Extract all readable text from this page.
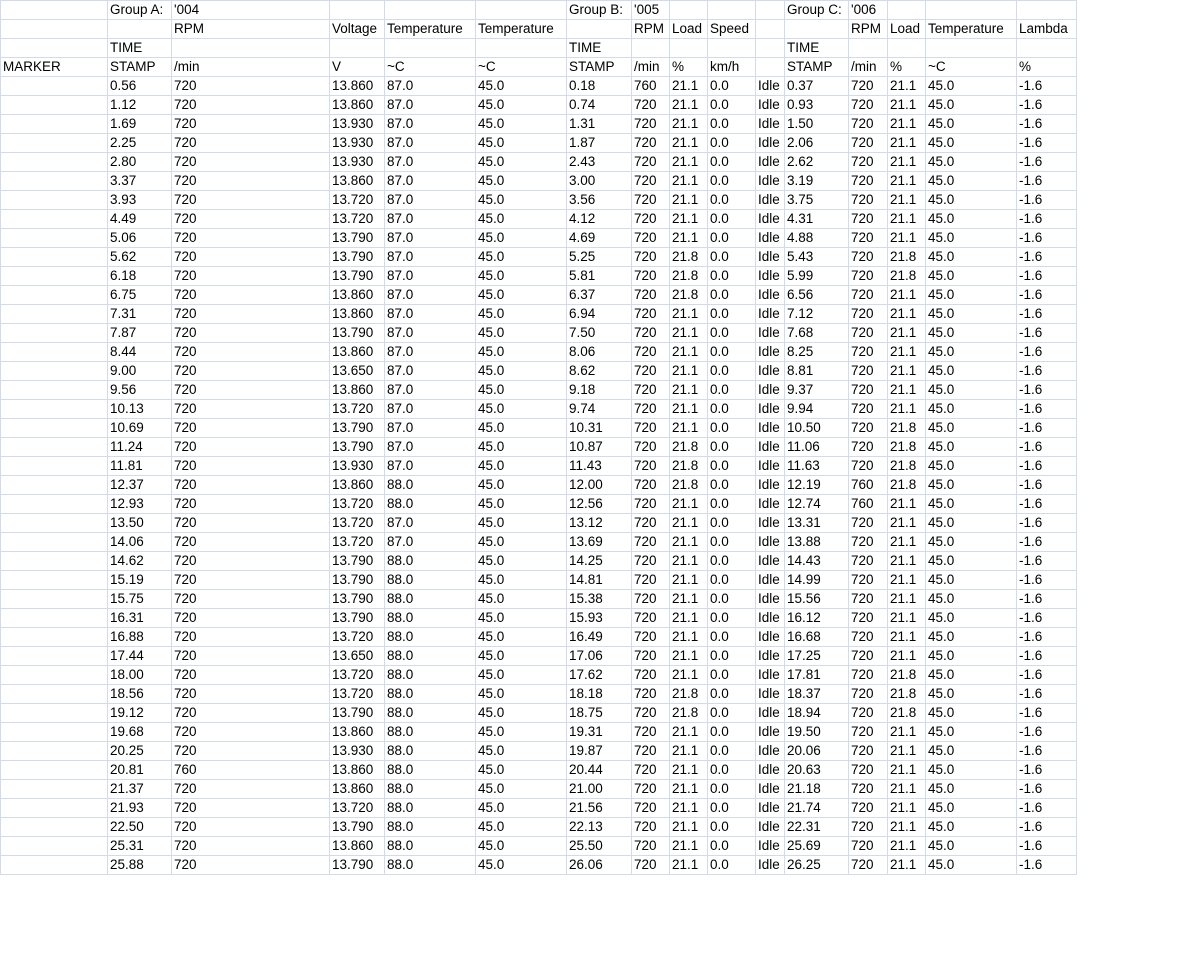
	Group A:	'004				Group B:	'005				Group C:	'006			
		RPM	Voltage	Temperature	Temperature		RPM	Load	Speed			RPM	Load	Temperature	Lambda
	TIME					TIME					TIME				
MARKER	STAMP	/min	V	~C	~C	STAMP	/min	%	km/h		STAMP	/min	%	~C	%
	0.56	720	13.860	87.0	45.0	0.18	760	21.1	0.0	Idle	0.37	720	21.1	45.0	-1.6
	1.12	720	13.860	87.0	45.0	0.74	720	21.1	0.0	Idle	0.93	720	21.1	45.0	-1.6
	1.69	720	13.930	87.0	45.0	1.31	720	21.1	0.0	Idle	1.50	720	21.1	45.0	-1.6
	2.25	720	13.930	87.0	45.0	1.87	720	21.1	0.0	Idle	2.06	720	21.1	45.0	-1.6
	2.80	720	13.930	87.0	45.0	2.43	720	21.1	0.0	Idle	2.62	720	21.1	45.0	-1.6
	3.37	720	13.860	87.0	45.0	3.00	720	21.1	0.0	Idle	3.19	720	21.1	45.0	-1.6
	3.93	720	13.720	87.0	45.0	3.56	720	21.1	0.0	Idle	3.75	720	21.1	45.0	-1.6
	4.49	720	13.720	87.0	45.0	4.12	720	21.1	0.0	Idle	4.31	720	21.1	45.0	-1.6
	5.06	720	13.790	87.0	45.0	4.69	720	21.1	0.0	Idle	4.88	720	21.1	45.0	-1.6
	5.62	720	13.790	87.0	45.0	5.25	720	21.8	0.0	Idle	5.43	720	21.8	45.0	-1.6
	6.18	720	13.790	87.0	45.0	5.81	720	21.8	0.0	Idle	5.99	720	21.8	45.0	-1.6
	6.75	720	13.860	87.0	45.0	6.37	720	21.8	0.0	Idle	6.56	720	21.1	45.0	-1.6
	7.31	720	13.860	87.0	45.0	6.94	720	21.1	0.0	Idle	7.12	720	21.1	45.0	-1.6
	7.87	720	13.790	87.0	45.0	7.50	720	21.1	0.0	Idle	7.68	720	21.1	45.0	-1.6
	8.44	720	13.860	87.0	45.0	8.06	720	21.1	0.0	Idle	8.25	720	21.1	45.0	-1.6
	9.00	720	13.650	87.0	45.0	8.62	720	21.1	0.0	Idle	8.81	720	21.1	45.0	-1.6
	9.56	720	13.860	87.0	45.0	9.18	720	21.1	0.0	Idle	9.37	720	21.1	45.0	-1.6
	10.13	720	13.720	87.0	45.0	9.74	720	21.1	0.0	Idle	9.94	720	21.1	45.0	-1.6
	10.69	720	13.790	87.0	45.0	10.31	720	21.1	0.0	Idle	10.50	720	21.8	45.0	-1.6
	11.24	720	13.790	87.0	45.0	10.87	720	21.8	0.0	Idle	11.06	720	21.8	45.0	-1.6
	11.81	720	13.930	87.0	45.0	11.43	720	21.8	0.0	Idle	11.63	720	21.8	45.0	-1.6
	12.37	720	13.860	88.0	45.0	12.00	720	21.8	0.0	Idle	12.19	760	21.8	45.0	-1.6
	12.93	720	13.720	88.0	45.0	12.56	720	21.1	0.0	Idle	12.74	760	21.1	45.0	-1.6
	13.50	720	13.720	87.0	45.0	13.12	720	21.1	0.0	Idle	13.31	720	21.1	45.0	-1.6
	14.06	720	13.720	87.0	45.0	13.69	720	21.1	0.0	Idle	13.88	720	21.1	45.0	-1.6
	14.62	720	13.790	88.0	45.0	14.25	720	21.1	0.0	Idle	14.43	720	21.1	45.0	-1.6
	15.19	720	13.790	88.0	45.0	14.81	720	21.1	0.0	Idle	14.99	720	21.1	45.0	-1.6
	15.75	720	13.790	88.0	45.0	15.38	720	21.1	0.0	Idle	15.56	720	21.1	45.0	-1.6
	16.31	720	13.790	88.0	45.0	15.93	720	21.1	0.0	Idle	16.12	720	21.1	45.0	-1.6
	16.88	720	13.720	88.0	45.0	16.49	720	21.1	0.0	Idle	16.68	720	21.1	45.0	-1.6
	17.44	720	13.650	88.0	45.0	17.06	720	21.1	0.0	Idle	17.25	720	21.1	45.0	-1.6
	18.00	720	13.720	88.0	45.0	17.62	720	21.1	0.0	Idle	17.81	720	21.8	45.0	-1.6
	18.56	720	13.720	88.0	45.0	18.18	720	21.8	0.0	Idle	18.37	720	21.8	45.0	-1.6
	19.12	720	13.790	88.0	45.0	18.75	720	21.8	0.0	Idle	18.94	720	21.8	45.0	-1.6
	19.68	720	13.860	88.0	45.0	19.31	720	21.1	0.0	Idle	19.50	720	21.1	45.0	-1.6
	20.25	720	13.930	88.0	45.0	19.87	720	21.1	0.0	Idle	20.06	720	21.1	45.0	-1.6
	20.81	760	13.860	88.0	45.0	20.44	720	21.1	0.0	Idle	20.63	720	21.1	45.0	-1.6
	21.37	720	13.860	88.0	45.0	21.00	720	21.1	0.0	Idle	21.18	720	21.1	45.0	-1.6
	21.93	720	13.720	88.0	45.0	21.56	720	21.1	0.0	Idle	21.74	720	21.1	45.0	-1.6
	22.50	720	13.790	88.0	45.0	22.13	720	21.1	0.0	Idle	22.31	720	21.1	45.0	-1.6
	25.31	720	13.860	88.0	45.0	25.50	720	21.1	0.0	Idle	25.69	720	21.1	45.0	-1.6
	25.88	720	13.790	88.0	45.0	26.06	720	21.1	0.0	Idle	26.25	720	21.1	45.0	-1.6
